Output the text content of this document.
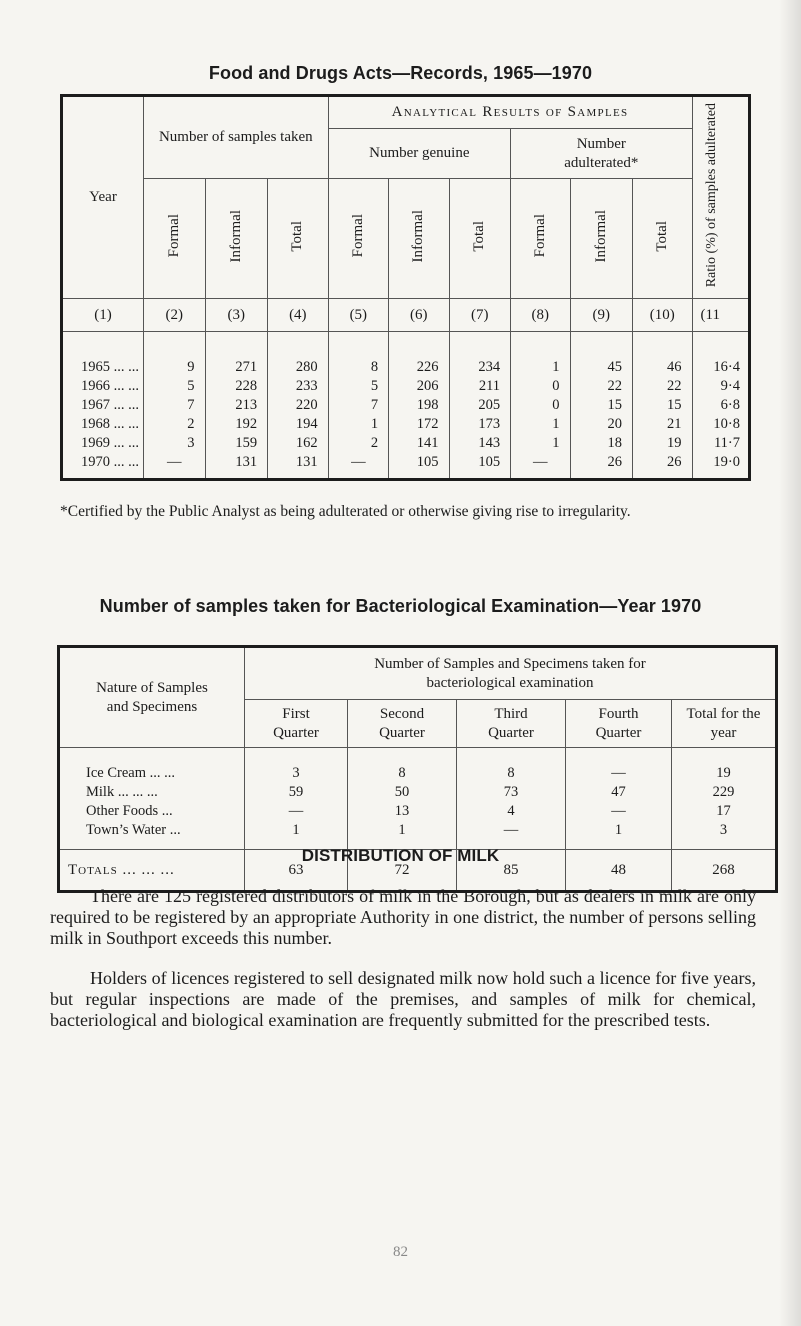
Food and Drugs Acts—Records, 1965—1970
Year	Number of samples taken			Analytical Results of Samples						Ratio (%) of samples adulterated
				Number genuine			Number adulterated*			
	Formal	Informal	Total	Formal	Informal	Total	Formal	Informal	Total	
(1)	(2)	(3)	(4)	(5)	(6)	(7)	(8)	(9)	(10)	(11

1965 ... ...	9	271	280	8	226	234	1	45	46	16·4
1966 ... ...	5	228	233	5	206	211	0	22	22	9·4
1967 ... ...	7	213	220	7	198	205	0	15	15	6·8
1968 ... ...	2	192	194	1	172	173	1	20	21	10·8
1969 ... ...	3	159	162	2	141	143	1	18	19	11·7
1970 ... ...	—	131	131	—	105	105	—	26	26	19·0
*Certified by the Public Analyst as being adulterated or otherwise giving rise to irregularity.
Number of samples taken for Bacteriological Examination—Year 1970
Nature of Samples and Specimens	Number of Samples and Specimens taken for bacteriological examination				
	First Quarter	Second Quarter	Third Quarter	Fourth Quarter	Total for the year

Ice Cream ... ...	3	8	8	—	19
Milk ... ... ...	59	50	73	47	229
Other Foods ...	—	13	4	—	17
Town’s Water ...	1	1	—	1	3

Totals ... ... ...	63	72	85	48	268
DISTRIBUTION OF MILK
There are 125 registered distributors of milk in the Borough, but as dealers in milk are only required to be registered by an appropriate Authority in one district, the number of persons selling milk in Southport exceeds this number.
Holders of licences registered to sell designated milk now hold such a licence for five years, but regular inspections are made of the premises, and samples of milk for chemical, bacteriological and biological examination are frequently submitted for the prescribed tests.
82
